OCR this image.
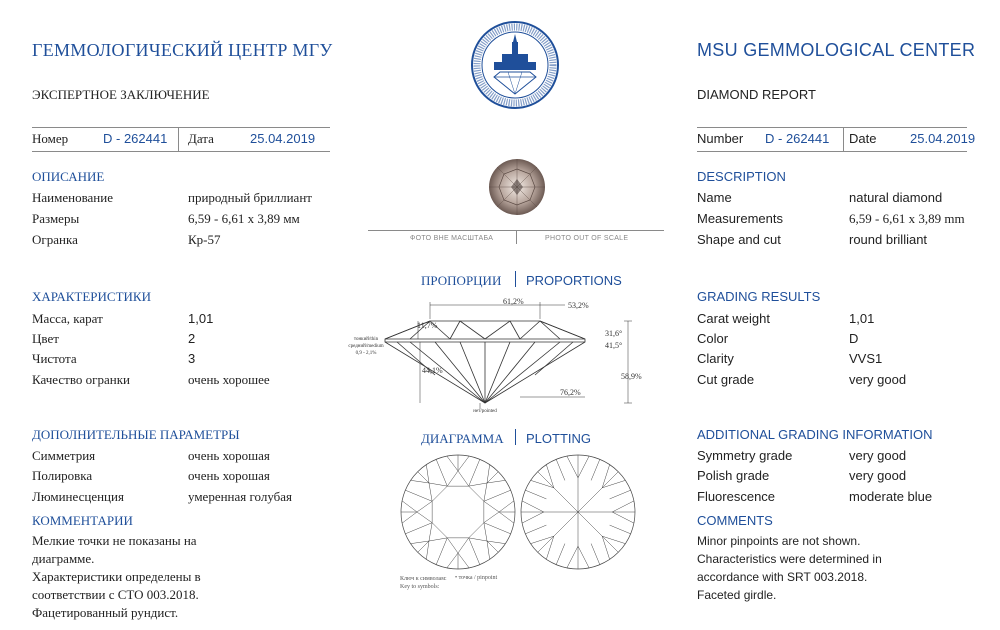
ГЕММОЛОГИЧЕСКИЙ ЦЕНТР МГУ
ЭКСПЕРТНОЕ ЗАКЛЮЧЕНИЕ
MSU GEMMOLOGICAL CENTER
DIAMOND REPORT
Номер	D - 262441 Дата	25.04.2019	Number D - 262441 Date	25.04.2019
ОПИСАНИЕ
Наименование	природный бриллиант
Размеры	6,59 - 6,61 x 3,89 мм
Огранка	Кр-57
DESCRIPTION
Name	natural diamond
Measurements	6,59 - 6,61 x 3,89 mm
Shape and cut	round brilliant
ФОТО ВНЕ МАСШТАБА	PHOTO OUT OF SCALE
ПРОПОРЦИИ PROPORTIONS
61,2%	53,2%
11,7%
31,6°
41,5°
44,1%
58,9%
76,2%
тонкий/thin
средний/medium
0,9 - 2,1%
нет/pointed
ХАРАКТЕРИСТИКИ
Масса, карат	1,01
Цвет	2
Чистота	3
Качество огранки	очень хорошее
GRADING RESULTS
Carat weight	1,01
Color	D
Clarity	VVS1
Cut grade	very good
ДОПОЛНИТЕЛЬНЫЕ ПАРАМЕТРЫ
Симметрия	очень хорошая
Полировка	очень хорошая
Люминесценция	умеренная голубая
ADDITIONAL GRADING INFORMATION
Symmetry grade	very good
Polish grade	very good
Fluorescence	moderate blue
КОММЕНТАРИИ
Мелкие точки не показаны на
диаграмме.
Характеристики определены в
соответствии с СТО 003.2018.
Фацетированный рундист.
COMMENTS
Minor pinpoints are not shown.
Characteristics were determined in
accordance with SRT 003.2018.
Faceted girdle.
ДИАГРАММА PLOTTING
Ключ к символам:
Key to symbols:
• точка / pinpoint
